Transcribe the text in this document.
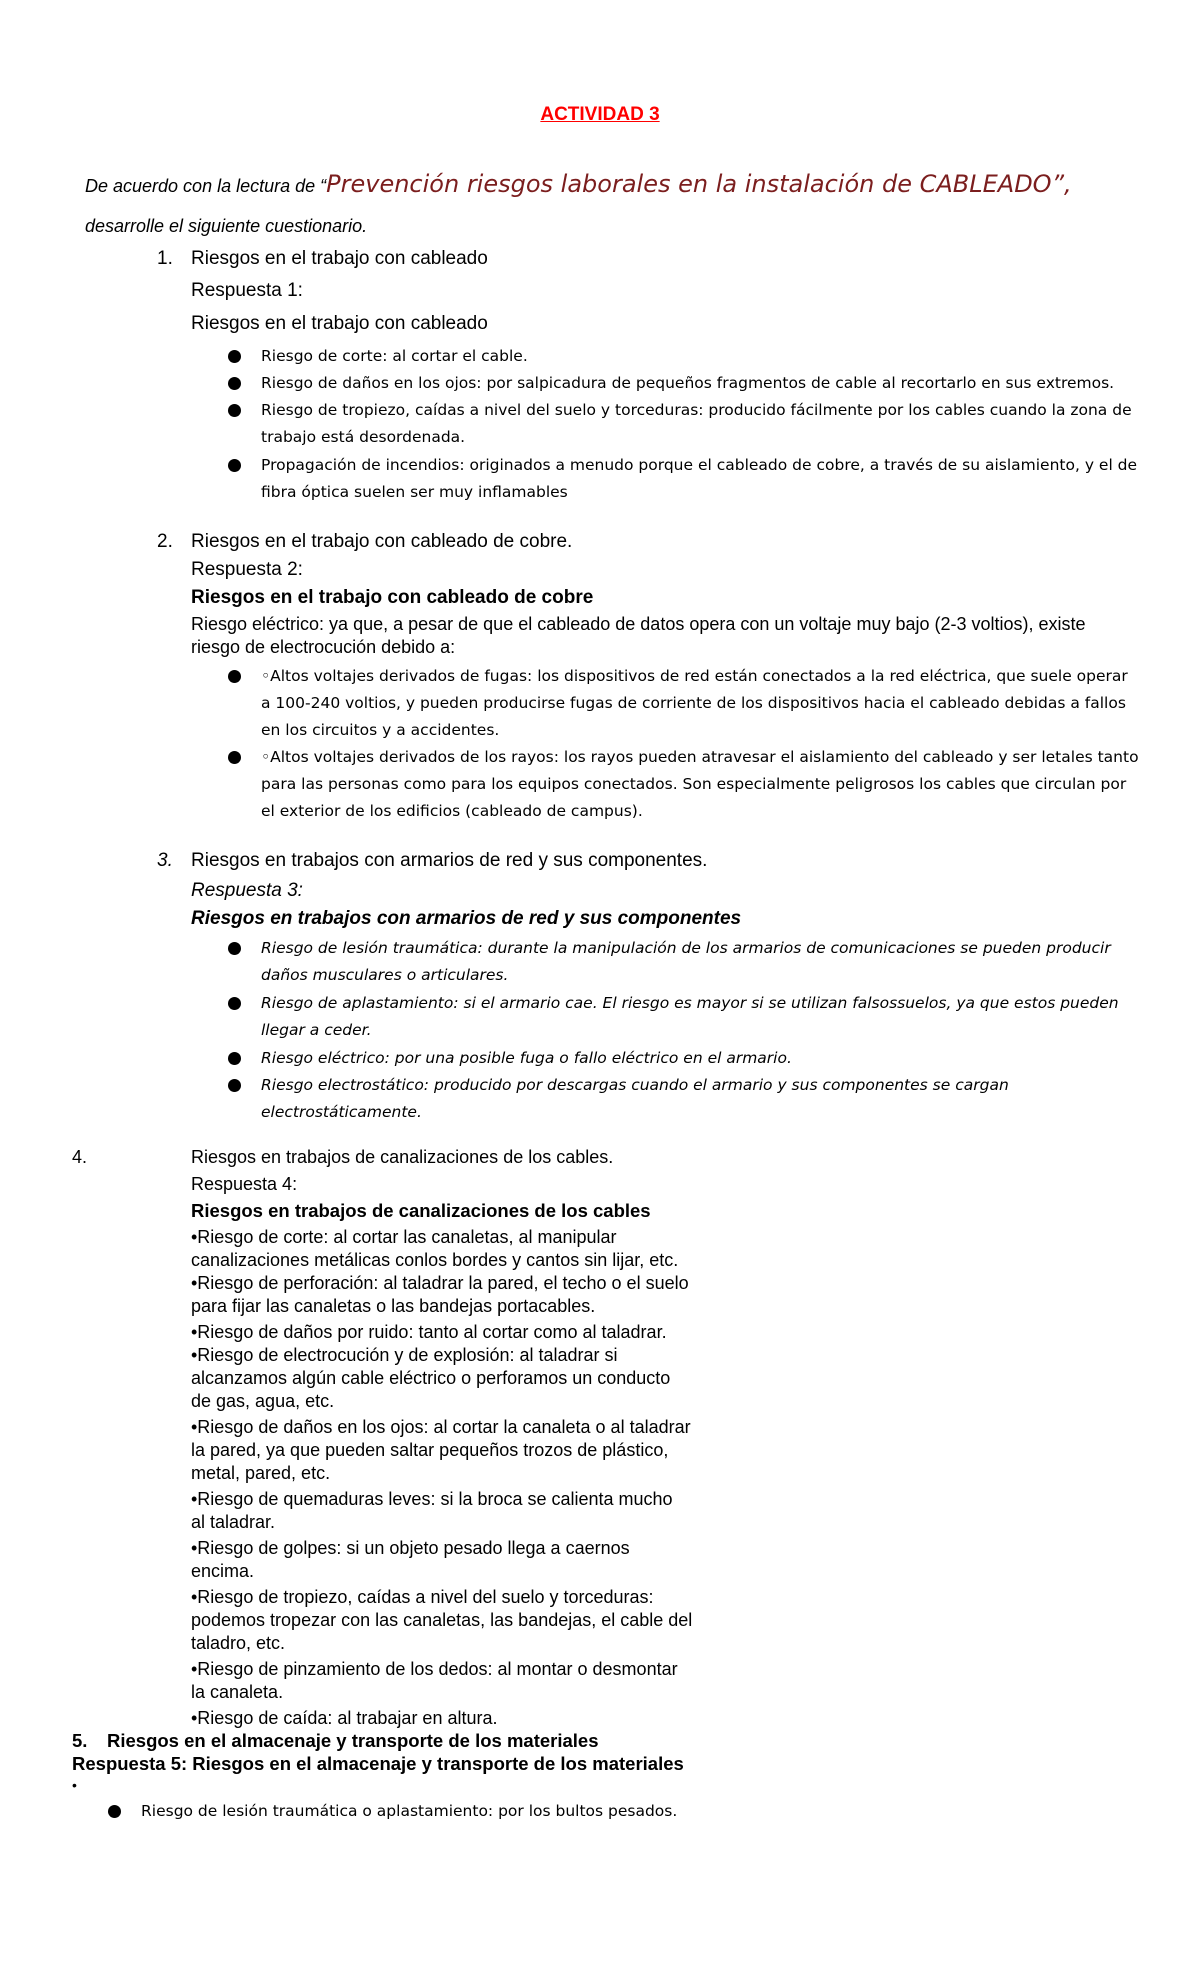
ACTIVIDAD 3
De acuerdo con la lectura de “Prevención riesgos laborales en la instalación de CABLEADO”, desarrolle el siguiente cuestionario.
1. Riesgos en el trabajo con cableado
Respuesta 1:
Riesgos en el trabajo con cableado
Riesgo de corte: al cortar el cable.
Riesgo de daños en los ojos: por salpicadura de pequeños fragmentos de cable al recortarlo en sus extremos.
Riesgo de tropiezo, caídas a nivel del suelo y torceduras: producido fácilmente por los cables cuando la zona de trabajo está desordenada.
Propagación de incendios: originados a menudo porque el cableado de cobre, a través de su aislamiento, y el de fibra óptica suelen ser muy inflamables
2. Riesgos en el trabajo con cableado de cobre.
Respuesta 2:
Riesgos en el trabajo con cableado de cobre
Riesgo eléctrico: ya que, a pesar de que el cableado de datos opera con un voltaje muy bajo (2-3 voltios), existe riesgo de electrocución debido a:
◦Altos voltajes derivados de fugas: los dispositivos de red están conectados a la red eléctrica, que suele operar a 100-240 voltios, y pueden producirse fugas de corriente de los dispositivos hacia el cableado debidas a fallos en los circuitos y a accidentes.
◦Altos voltajes derivados de los rayos: los rayos pueden atravesar el aislamiento del cableado y ser letales tanto para las personas como para los equipos conectados. Son especialmente peligrosos los cables que circulan por el exterior de los edificios (cableado de campus).
3. Riesgos en trabajos con armarios de red y sus componentes.
Respuesta 3:
Riesgos en trabajos con armarios de red y sus componentes
Riesgo de lesión traumática: durante la manipulación de los armarios de comunicaciones se pueden producir daños musculares o articulares.
Riesgo de aplastamiento: si el armario cae. El riesgo es mayor si se utilizan falsossuelos, ya que estos pueden llegar a ceder.
Riesgo eléctrico: por una posible fuga o fallo eléctrico en el armario.
Riesgo electrostático: producido por descargas cuando el armario y sus componentes se cargan electrostáticamente.
4.	Riesgos en trabajos de canalizaciones de los cables.
Respuesta 4:
Riesgos en trabajos de canalizaciones de los cables
•Riesgo de corte: al cortar las canaletas, al manipular
canalizaciones metálicas conlos bordes y cantos sin lijar, etc.
•Riesgo de perforación: al taladrar la pared, el techo o el suelo
para fijar las canaletas o las bandejas portacables.
•Riesgo de daños por ruido: tanto al cortar como al taladrar.
•Riesgo de electrocución y de explosión: al taladrar si
alcanzamos algún cable eléctrico o perforamos un conducto
de gas, agua, etc.
•Riesgo de daños en los ojos: al cortar la canaleta o al taladrar
la pared, ya que pueden saltar pequeños trozos de plástico,
metal, pared, etc.
•Riesgo de quemaduras leves: si la broca se calienta mucho
al taladrar.
•Riesgo de golpes: si un objeto pesado llega a caernos
encima.
•Riesgo de tropiezo, caídas a nivel del suelo y torceduras:
podemos tropezar con las canaletas, las bandejas, el cable del
taladro, etc.
•Riesgo de pinzamiento de los dedos: al montar o desmontar
la canaleta.
•Riesgo de caída: al trabajar en altura.
5. Riesgos en el almacenaje y transporte de los materiales
Respuesta 5: Riesgos en el almacenaje y transporte de los materiales
•
Riesgo de lesión traumática o aplastamiento: por los bultos pesados.
